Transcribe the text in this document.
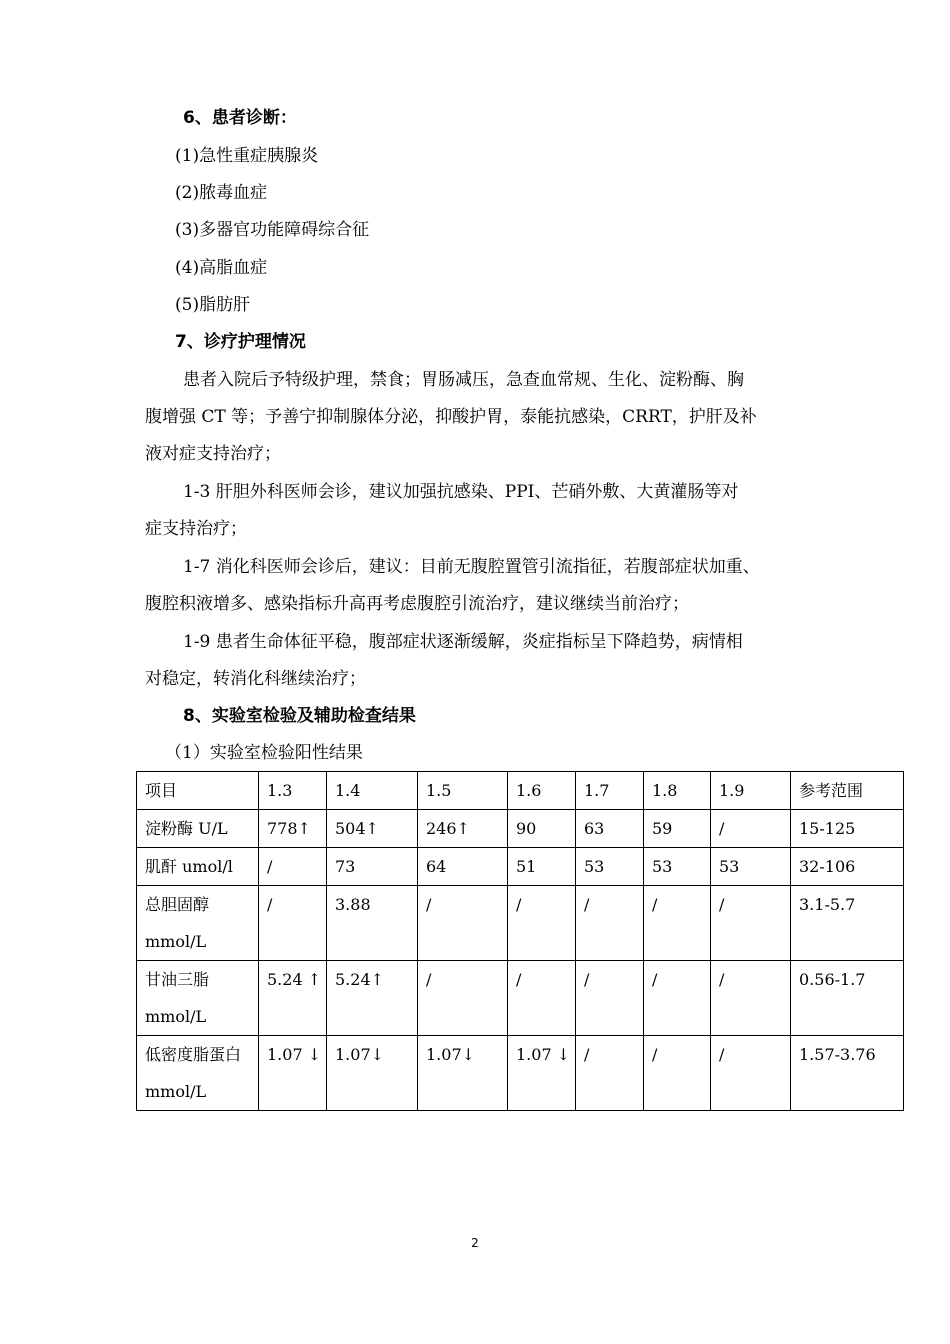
6、患者诊断：
(1)急性重症胰腺炎
(2)脓毒血症
(3)多器官功能障碍综合征
(4)高脂血症
(5)脂肪肝
7、诊疗护理情况
患者入院后予特级护理，禁食；胃肠减压，急查血常规、生化、淀粉酶、胸
腹增强 CT 等；予善宁抑制腺体分泌，抑酸护胃，泰能抗感染，CRRT，护肝及补
液对症支持治疗；
1-3 肝胆外科医师会诊，建议加强抗感染、PPI、芒硝外敷、大黄灌肠等对
症支持治疗；
1-7 消化科医师会诊后，建议：目前无腹腔置管引流指征，若腹部症状加重、
腹腔积液增多、感染指标升高再考虑腹腔引流治疗，建议继续当前治疗；
1-9 患者生命体征平稳，腹部症状逐渐缓解，炎症指标呈下降趋势，病情相
对稳定，转消化科继续治疗；
8、实验室检验及辅助检查结果
（1）实验室检验阳性结果
项目	1.3	1.4	1.5	1.6	1.7	1.8	1.9	参考范围
淀粉酶 U/L	778↑	504↑	246↑	90	63	59	/	15-125
肌酐 umol/l	/	73	64	51	53	53	53	32-106
总胆固醇 mmol/L	/	3.88	/	/	/	/	/	3.1-5.7
甘油三脂 mmol/L	5.24 ↑	5.24↑	/	/	/	/	/	0.56-1.7
低密度脂蛋白 mmol/L	1.07 ↓	1.07↓	1.07↓	1.07 ↓	/	/	/	1.57-3.76
2
